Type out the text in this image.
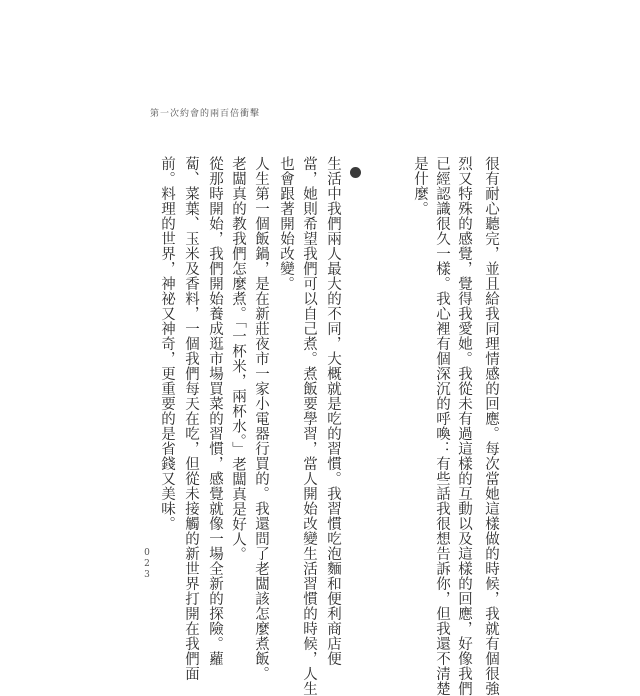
第一次約會的兩百倍衝擊
很有耐心聽完，並且給我同理情感的回應。每次當她這樣做的時候，我就有個很強
烈又特殊的感覺，覺得我愛她。我從未有過這樣的互動以及這樣的回應，好像我們
已經認識很久一樣。我心裡有個深沉的呼喚：有些話我很想告訴你，但我還不清楚
是什麼。
生活中我們兩人最大的不同，大概就是吃的習慣。我習慣吃泡麵和便利商店便
當，她則希望我們可以自己煮。煮飯要學習，當人開始改變生活習慣的時候，人生
也會跟著開始改變。
人生第一個飯鍋，是在新莊夜市一家小電器行買的。我還問了老闆該怎麼煮飯。
老闆真的教我們怎麼煮。「一杯米，兩杯水。」老闆真是好人。
從那時開始，我們開始養成逛市場買菜的習慣，感覺就像一場全新的探險。蘿
蔔、菜葉、玉米及香料，一個我們每天在吃，但從未接觸的新世界打開在我們面
前。料理的世界，神祕又神奇，更重要的是省錢又美味。
023
